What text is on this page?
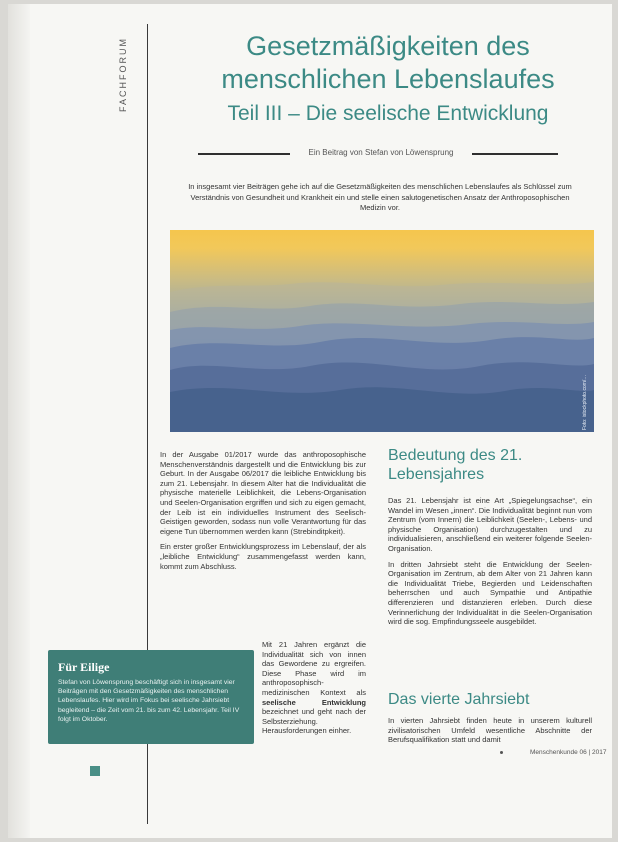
FACHFORUM	Gesetzmäßigkeiten des menschlichen Lebenslaufes
Teil III – Die seelische Entwicklung
Ein Beitrag von Stefan von Löwensprung
In insgesamt vier Beiträgen gehe ich auf die Gesetzmäßigkeiten des menschlichen Lebenslaufes als Schlüssel zum Verständnis von Gesundheit und Krankheit ein und stelle einen salutogenetischen Ansatz der Anthroposophischen Medizin vor.
Foto: istockphoto.com/…

In der Ausgabe 01/2017 wurde das anthroposophische Menschenverständnis dargestellt und die Entwicklung bis zur Geburt. In der Ausgabe 06/2017 die leibliche Entwicklung bis zum 21. Lebensjahr. In diesem Alter hat die Individualität die physische materielle Leiblichkeit, die Lebens-Organisation und Seelen-Organisation ergriffen und sich zu eigen gemacht, der Leib ist ein individuelles Instrument des Seelisch-Geistigen geworden, sodass nun volle Verantwortung für das eigene Tun übernommen werden kann (Strebinditpkeit).

Ein erster großer Entwicklungsprozess im Lebenslauf, der als „leibliche Entwicklung“ zusammengefasst werden kann, kommt zum Abschluss.

Mit 21 Jahren ergänzt die Individualität sich von innen das Gewordene zu ergreifen. Diese Phase wird im anthroposophisch-medizinischen Kontext als seelische Entwicklung bezeichnet und geht nach der Selbsterziehung. Herausforderungen einher.

Bedeutung des 21. Lebensjahres

Das 21. Lebensjahr ist eine Art „Spiegelungsachse“, ein Wandel im Wesen „innen“. Die Individualität beginnt nun vom Zentrum (vom Innern) die Leiblichkeit (Seelen-, Lebens- und physische Organisation) durchzugestalten und zu individualisieren, anschließend ein weiterer folgende Seelen-Organisation.

In dritten Jahrsiebt steht die Entwicklung der Seelen-Organisation im Zentrum, ab dem Alter von 21 Jahren kann die Individualität Triebe, Begierden und Leidenschaften beherrschen und auch Sympathie und Antipathie differenzieren und distanzieren erleben. Durch diese Verinnerlichung der Individualität in die Seelen-Organisation wird die sog. Empfindungsseele ausgebildet.

Das vierte Jahrsiebt

In vierten Jahrsiebt finden heute in unserem kulturell zivilisatorischen Umfeld wesentliche Abschnitte der Berufsqualifikation statt und damit

Für Eilige
Stefan von Löwensprung beschäftigt sich in insgesamt vier Beiträgen mit den Gesetzmäßigkeiten des menschlichen Lebenslaufes. Hier wird im Fokus bei seelische Jahrsiebt begleitend – die Zeit vom 21. bis zum 42. Lebensjahr. Teil IV folgt im Oktober.
Menschenkunde 06 | 2017
